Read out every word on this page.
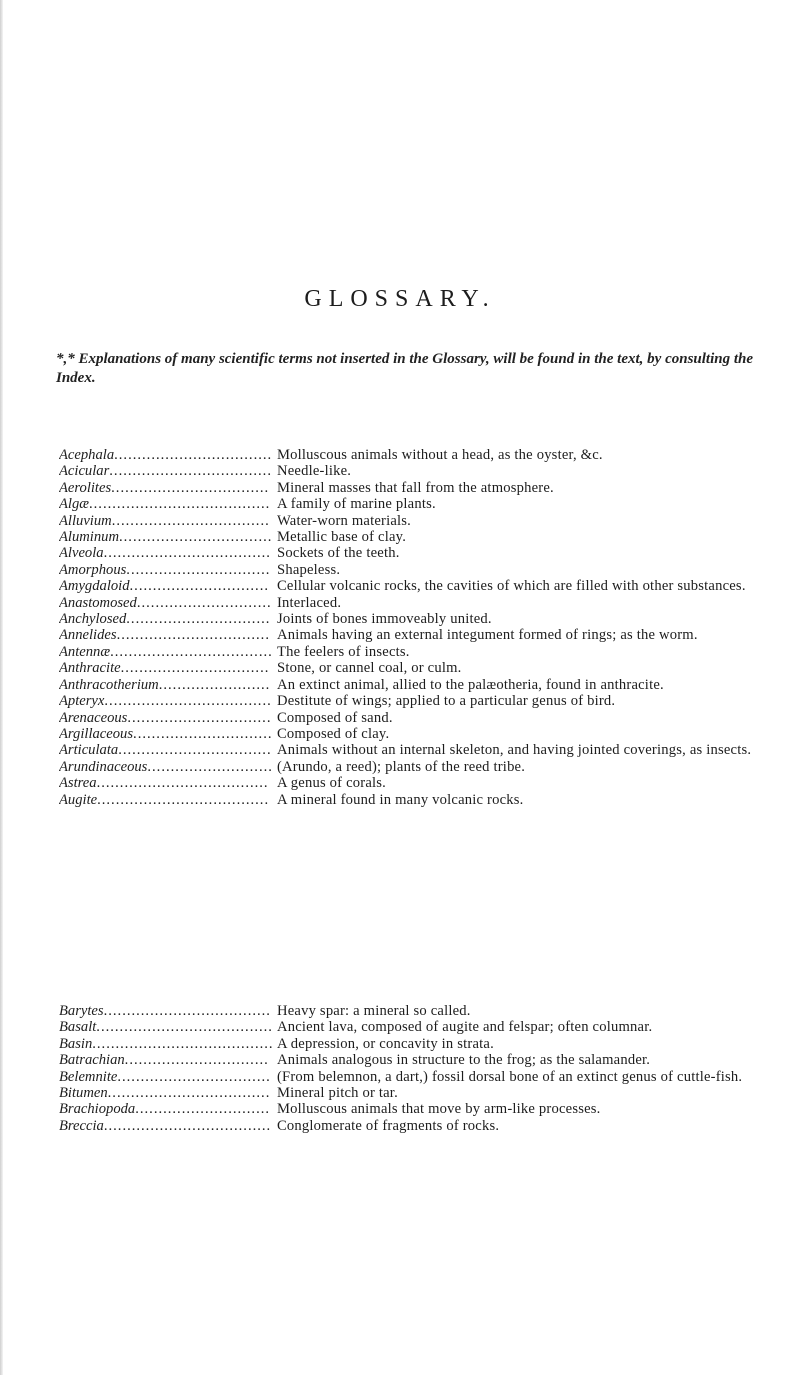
GLOSSARY.
*,* Explanations of many scientific terms not inserted in the Glossary, will be found in the text, by consulting the Index.
Acephala.................................. Molluscous animals without a head, as the oyster, &c.
Acicular................................... Needle-like.
Aerolites.................................. Mineral masses that fall from the atmosphere.
Algæ....................................... A family of marine plants.
Alluvium.................................. Water-worn materials.
Aluminum................................. Metallic base of clay.
Alveola.................................... Sockets of the teeth.
Amorphous............................... Shapeless.
Amygdaloid.............................. Cellular volcanic rocks, the cavities of which are filled with other substances.
Anastomosed............................. Interlaced.
Anchylosed............................... Joints of bones immoveably united.
Annelides................................. Animals having an external integument formed of rings; as the worm.
Antennæ................................... The feelers of insects.
Anthracite................................ Stone, or cannel coal, or culm.
Anthracotherium........................ An extinct animal, allied to the palæotheria, found in anthracite.
Apteryx.................................... Destitute of wings; applied to a particular genus of bird.
Arenaceous............................... Composed of sand.
Argillaceous.............................. Composed of clay.
Articulata................................. Animals without an internal skeleton, and having jointed coverings, as insects.
Arundinaceous........................... (Arundo, a reed); plants of the reed tribe.
Astrea..................................... A genus of corals.
Augite..................................... A mineral found in many volcanic rocks.
Barytes.................................... Heavy spar: a mineral so called.
Basalt...................................... Ancient lava, composed of augite and felspar; often columnar.
Basin....................................... A depression, or concavity in strata.
Batrachian............................... Animals analogous in structure to the frog; as the salamander.
Belemnite................................. (From belemnon, a dart,) fossil dorsal bone of an extinct genus of cuttle-fish.
Bitumen................................... Mineral pitch or tar.
Brachiopoda............................. Molluscous animals that move by arm-like processes.
Breccia.................................... Conglomerate of fragments of rocks.
